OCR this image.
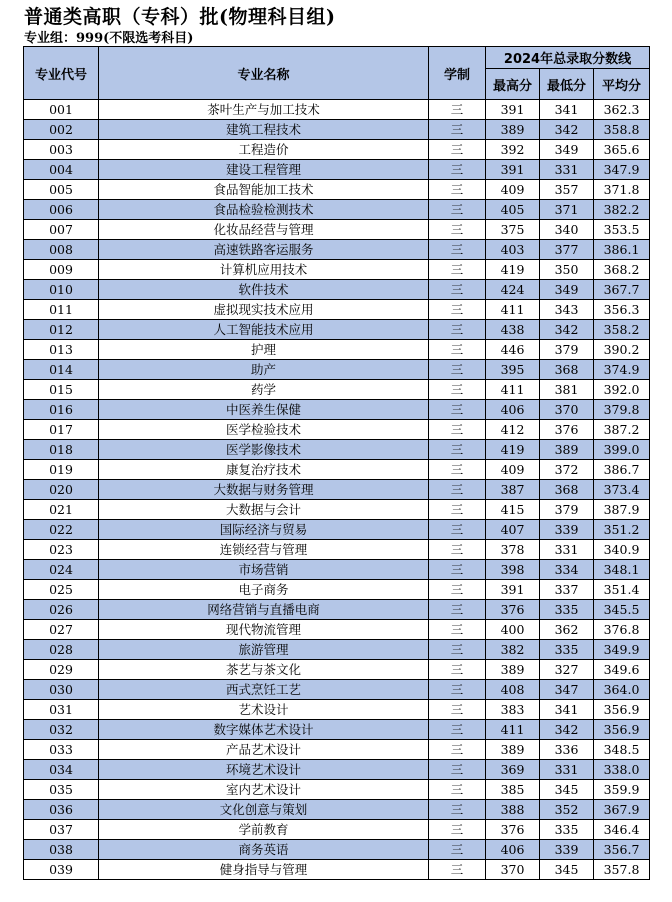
普通类高职（专科）批(物理科目组)
专业组：999(不限选考科目)
专业代号	专业名称	学制	2024年总录取分数线		
			最高分	最低分	平均分
001	茶叶生产与加工技术	三	391	341	362.3
002	建筑工程技术	三	389	342	358.8
003	工程造价	三	392	349	365.6
004	建设工程管理	三	391	331	347.9
005	食品智能加工技术	三	409	357	371.8
006	食品检验检测技术	三	405	371	382.2
007	化妆品经营与管理	三	375	340	353.5
008	高速铁路客运服务	三	403	377	386.1
009	计算机应用技术	三	419	350	368.2
010	软件技术	三	424	349	367.7
011	虚拟现实技术应用	三	411	343	356.3
012	人工智能技术应用	三	438	342	358.2
013	护理	三	446	379	390.2
014	助产	三	395	368	374.9
015	药学	三	411	381	392.0
016	中医养生保健	三	406	370	379.8
017	医学检验技术	三	412	376	387.2
018	医学影像技术	三	419	389	399.0
019	康复治疗技术	三	409	372	386.7
020	大数据与财务管理	三	387	368	373.4
021	大数据与会计	三	415	379	387.9
022	国际经济与贸易	三	407	339	351.2
023	连锁经营与管理	三	378	331	340.9
024	市场营销	三	398	334	348.1
025	电子商务	三	391	337	351.4
026	网络营销与直播电商	三	376	335	345.5
027	现代物流管理	三	400	362	376.8
028	旅游管理	三	382	335	349.9
029	茶艺与茶文化	三	389	327	349.6
030	西式烹饪工艺	三	408	347	364.0
031	艺术设计	三	383	341	356.9
032	数字媒体艺术设计	三	411	342	356.9
033	产品艺术设计	三	389	336	348.5
034	环境艺术设计	三	369	331	338.0
035	室内艺术设计	三	385	345	359.9
036	文化创意与策划	三	388	352	367.9
037	学前教育	三	376	335	346.4
038	商务英语	三	406	339	356.7
039	健身指导与管理	三	370	345	357.8
